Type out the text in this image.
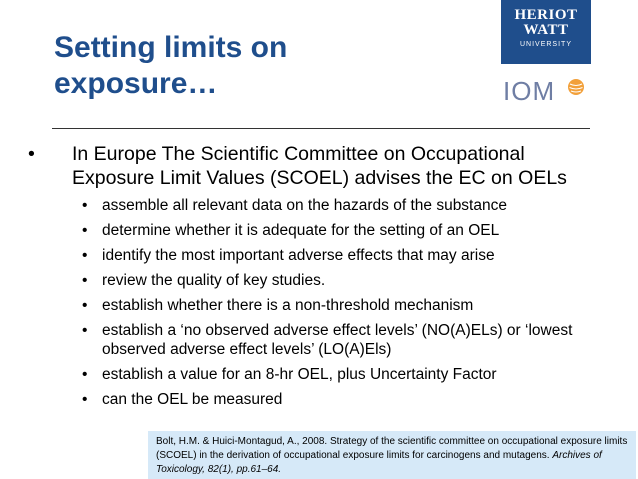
Setting limits on
exposure…
HERIOT
WATT
UNIVERSITY
IOM
• In Europe The Scientific Committee on Occupational Exposure Limit Values (SCOEL) advises the EC on OELs
• assemble all relevant data on the hazards of the substance
• determine whether it is adequate for the setting of an OEL
• identify the most important adverse effects that may arise
• review the quality of key studies.
• establish whether there is a non-threshold mechanism
• establish a ‘no observed adverse effect levels’ (NO(A)ELs) or ‘lowest observed adverse effect levels’ (LO(A)Els)
• establish a value for an 8-hr OEL, plus Uncertainty Factor
• can the OEL be measured
Bolt, H.M. & Huici-Montagud, A., 2008. Strategy of the scientific committee on occupational exposure limits (SCOEL) in the derivation of occupational exposure limits for carcinogens and mutagens. Archives of Toxicology, 82(1), pp.61–64.
